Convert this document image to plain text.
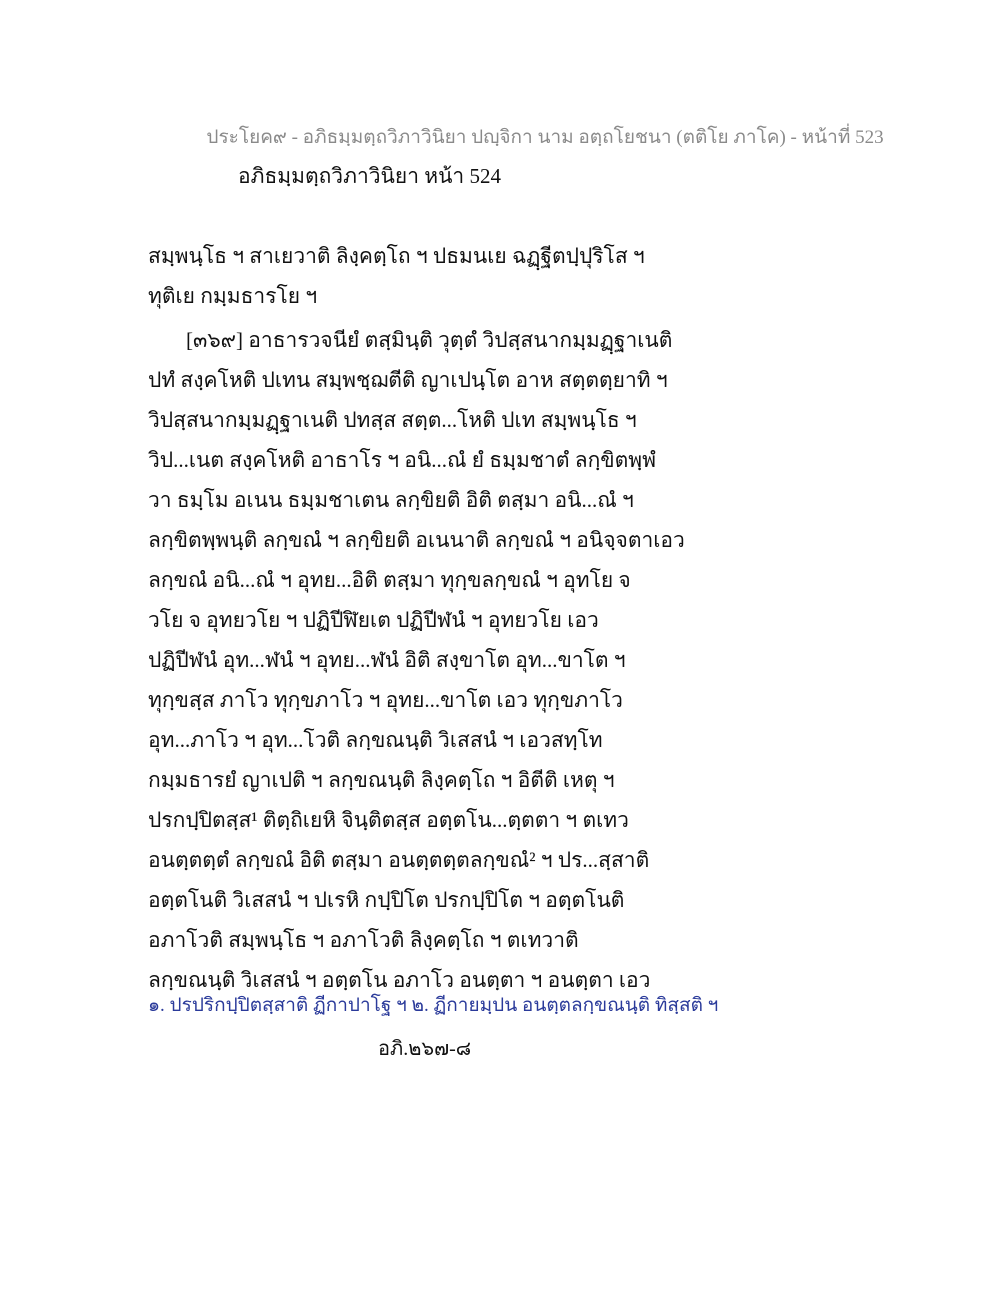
ประโยค๙ - อภิธมฺมตฺถวิภาวินิยา ปญฺจิกา นาม อตฺถโยชนา (ตติโย ภาโค) - หน้าที่ 523
อภิธมฺมตฺถวิภาวินิยา หน้า 524
สมฺพนฺโธ ฯ สาเยวาติ ลิงฺคตฺโถ ฯ ปธมนเย ฉฏฺฐีตปฺปุริโส ฯ
ทุติเย กมฺมธารโย ฯ
[๓๖๙] อาธารวจนียํ ตสฺมินฺติ วุตฺตํ วิปสฺสนากมฺมฏฺฐาเนติ
ปทํ สงฺคโหติ ปเทน สมฺพชฺฌตีติ ญาเปนฺโต อาห สตฺตตฺยาทิ ฯ
วิปสฺสนากมฺมฏฺฐาเนติ ปทสฺส สตฺต...โหติ ปเท สมฺพนฺโธ ฯ
วิป...เนต สงฺคโหติ อาธาโร ฯ อนิ...ณํ ยํ ธมฺมชาตํ ลกฺขิตพฺพํ
วา ธมฺโม อเนน ธมฺมชาเตน ลกฺขิยติ อิติ ตสฺมา อนิ...ณํ ฯ
ลกฺขิตพฺพนฺติ ลกฺขณํ ฯ ลกฺขิยติ อเนนาติ ลกฺขณํ ฯ อนิจฺจตาเอว
ลกฺขณํ อนิ...ณํ ฯ อุทย...อิติ ตสฺมา ทุกฺขลกฺขณํ ฯ อุทโย จ
วโย จ อุทยวโย ฯ ปฏิปีฬิยเต ปฏิปีฬนํ ฯ อุทยวโย เอว
ปฏิปีฬนํ อุท...ฬนํ ฯ อุทย...ฬนํ อิติ สงฺขาโต อุท...ขาโต ฯ
ทุกฺขสฺส ภาโว ทุกฺขภาโว ฯ อุทย...ขาโต เอว ทุกฺขภาโว
อุท...ภาโว ฯ อุท...โวติ ลกฺขณนฺติ วิเสสนํ ฯ เอวสทฺโท
กมฺมธารยํ ญาเปติ ฯ ลกฺขณนฺติ ลิงฺคตฺโถ ฯ อิตีติ เหตุ ฯ
ปรกปฺปิตสฺส¹ ติตฺถิเยหิ จินฺติตสฺส อตฺตโน...ตฺตตา ฯ ตเทว
อนตฺตตฺตํ ลกฺขณํ อิติ ตสฺมา อนตฺตตฺตลกฺขณํ² ฯ ปร...สฺสาติ
อตฺตโนติ วิเสสนํ ฯ ปเรหิ กปฺปิโต ปรกปฺปิโต ฯ อตฺตโนติ
อภาโวติ สมฺพนฺโธ ฯ อภาโวติ ลิงฺคตฺโถ ฯ ตเทวาติ
ลกฺขณนฺติ วิเสสนํ ฯ อตฺตโน อภาโว อนตฺตา ฯ อนตฺตา เอว
๑. ปรปริกปฺปิตสฺสาติ ฏีกาปาโฐ ฯ ๒. ฏีกายมฺปน อนตฺตลกฺขณนฺติ ทิสฺสติ ฯ
อภิ.๒๖๗-๘
